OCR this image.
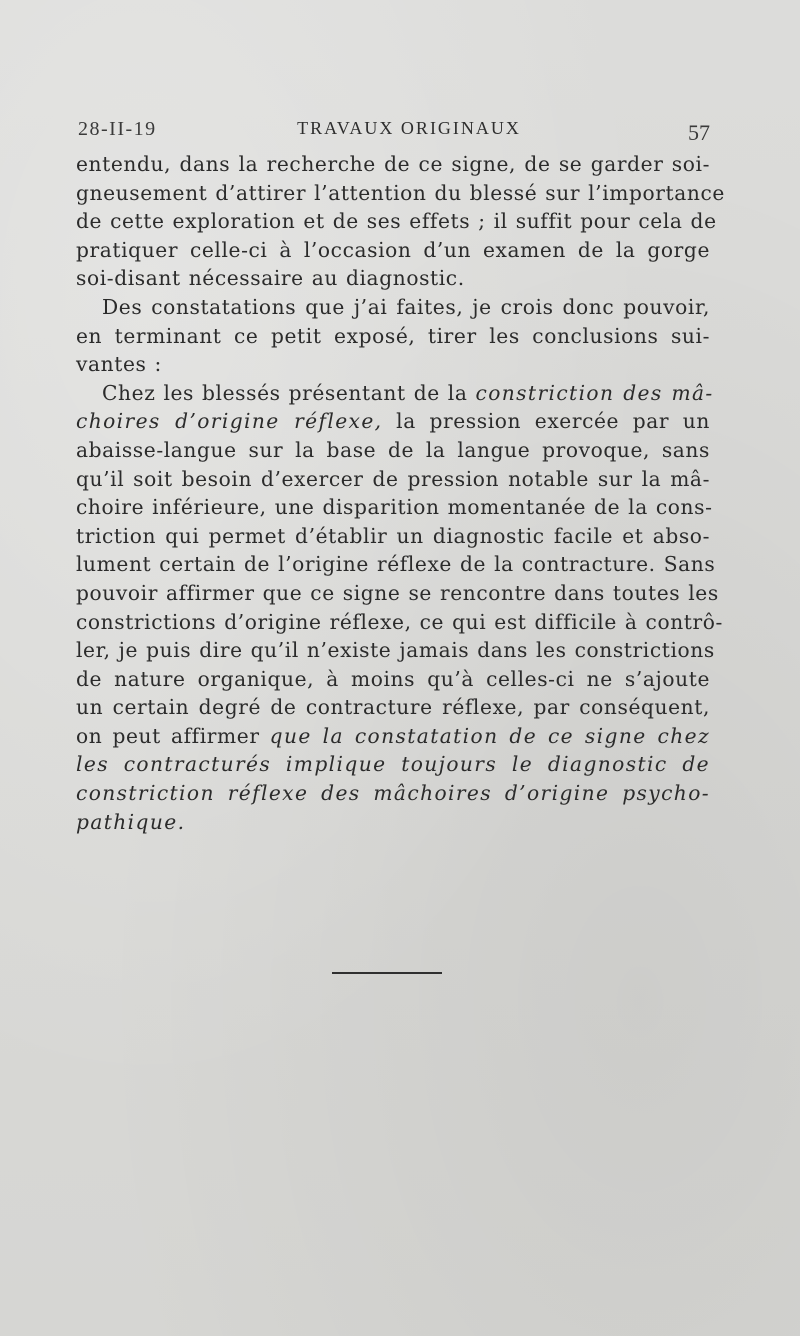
28-II-19	TRAVAUX ORIGINAUX	57
entendu, dans la recherche de ce signe, de se garder soi-
gneusement d’attirer l’attention du blessé sur l’importance
de cette exploration et de ses effets ; il suffit pour cela de
pratiquer celle-ci à l’occasion d’un examen de la gorge
soi-disant nécessaire au diagnostic.
Des constatations que j’ai faites, je crois donc pouvoir,
en terminant ce petit exposé, tirer les conclusions sui-
vantes :
Chez les blessés présentant de la constriction des mâ-
choires d’origine réflexe, la pression exercée par un
abaisse-langue sur la base de la langue provoque, sans
qu’il soit besoin d’exercer de pression notable sur la mâ-
choire inférieure, une disparition momentanée de la cons-
triction qui permet d’établir un diagnostic facile et abso-
lument certain de l’origine réflexe de la contracture. Sans
pouvoir affirmer que ce signe se rencontre dans toutes les
constrictions d’origine réflexe, ce qui est difficile à contrô-
ler, je puis dire qu’il n’existe jamais dans les constrictions
de nature organique, à moins qu’à celles-ci ne s’ajoute
un certain degré de contracture réflexe, par conséquent,
on peut affirmer que la constatation de ce signe chez
les contracturés implique toujours le diagnostic de
constriction réflexe des mâchoires d’origine psycho-
pathique.
